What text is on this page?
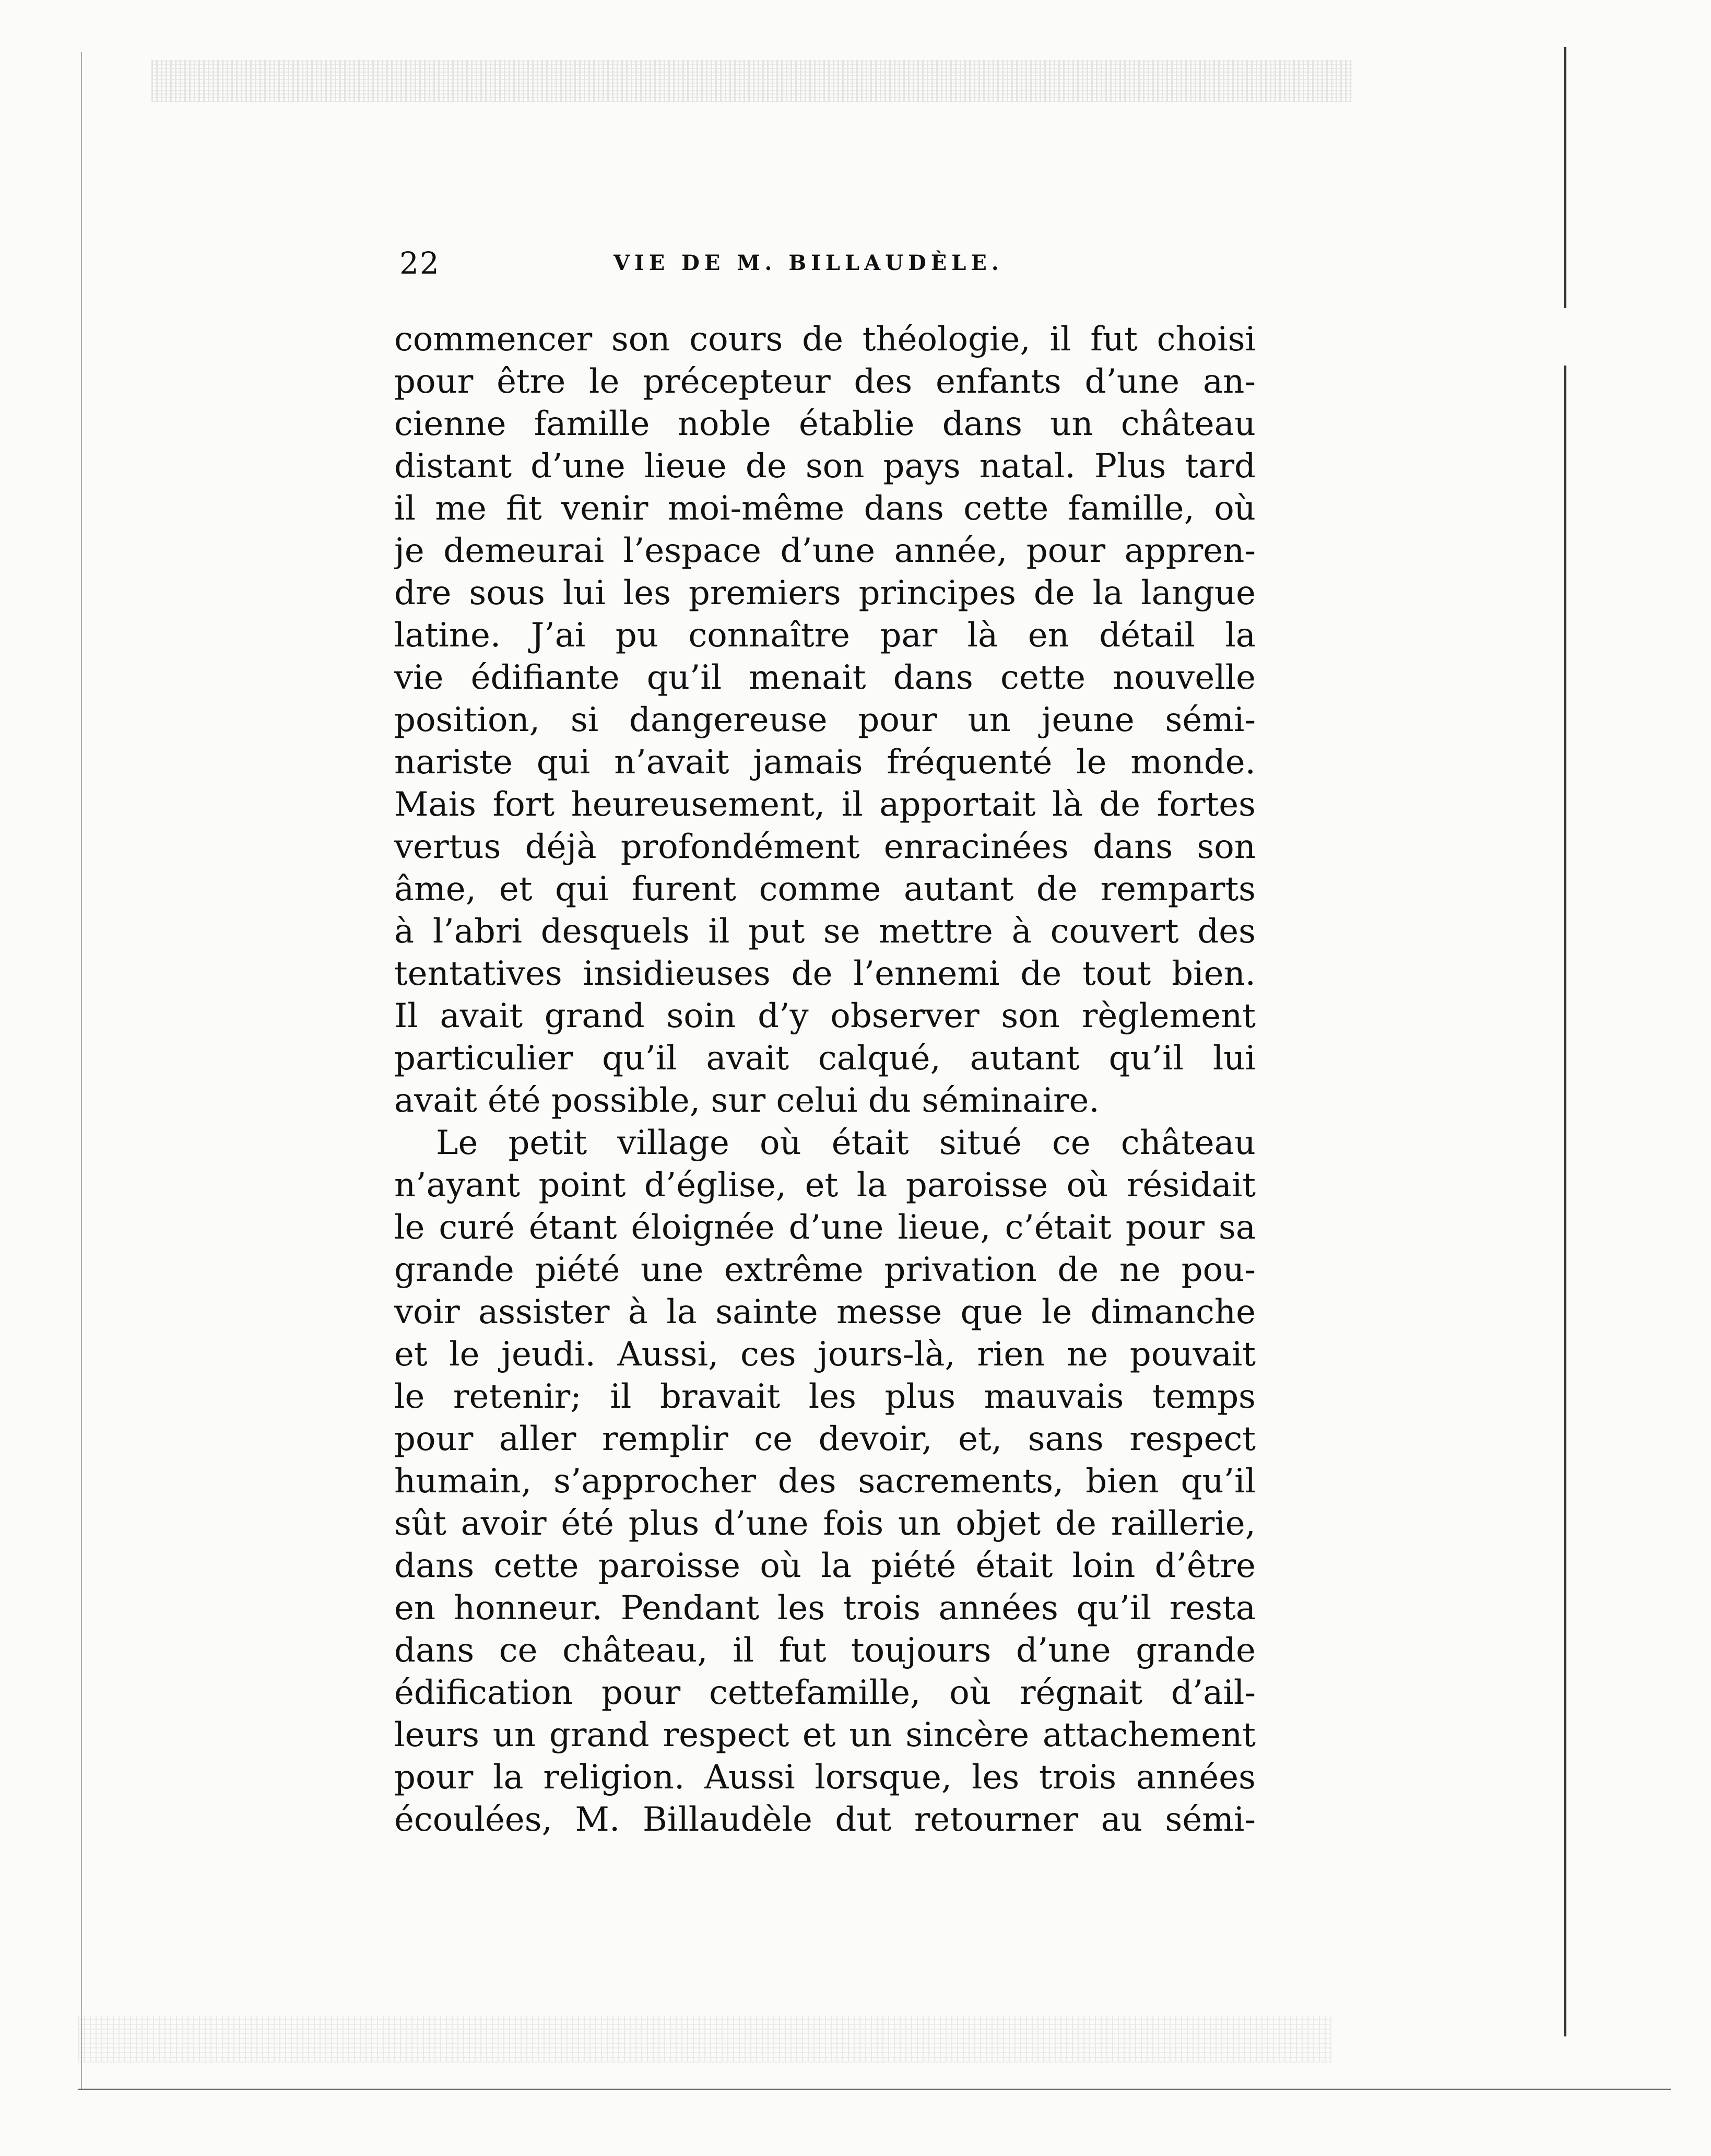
22	VIE DE M. BILLAUDÈLE.
commencer son cours de théologie, il fut choisi
pour être le précepteur des enfants d’une an-
cienne famille noble établie dans un château
distant d’une lieue de son pays natal. Plus tard
il me fit venir moi-même dans cette famille, où
je demeurai l’espace d’une année, pour appren-
dre sous lui les premiers principes de la langue
latine. J’ai pu connaître par là en détail la
vie édifiante qu’il menait dans cette nouvelle
position, si dangereuse pour un jeune sémi-
nariste qui n’avait jamais fréquenté le monde.
Mais fort heureusement, il apportait là de fortes
vertus déjà profondément enracinées dans son
âme, et qui furent comme autant de remparts
à l’abri desquels il put se mettre à couvert des
tentatives insidieuses de l’ennemi de tout bien.
Il avait grand soin d’y observer son règlement
particulier qu’il avait calqué, autant qu’il lui
avait été possible, sur celui du séminaire.
Le petit village où était situé ce château
n’ayant point d’église, et la paroisse où résidait
le curé étant éloignée d’une lieue, c’était pour sa
grande piété une extrême privation de ne pou-
voir assister à la sainte messe que le dimanche
et le jeudi. Aussi, ces jours-là, rien ne pouvait
le retenir; il bravait les plus mauvais temps
pour aller remplir ce devoir, et, sans respect
humain, s’approcher des sacrements, bien qu’il
sût avoir été plus d’une fois un objet de raillerie,
dans cette paroisse où la piété était loin d’être
en honneur. Pendant les trois années qu’il resta
dans ce château, il fut toujours d’une grande
édification pour cettefamille, où régnait d’ail-
leurs un grand respect et un sincère attachement
pour la religion. Aussi lorsque, les trois années
écoulées, M. Billaudèle dut retourner au sémi-
